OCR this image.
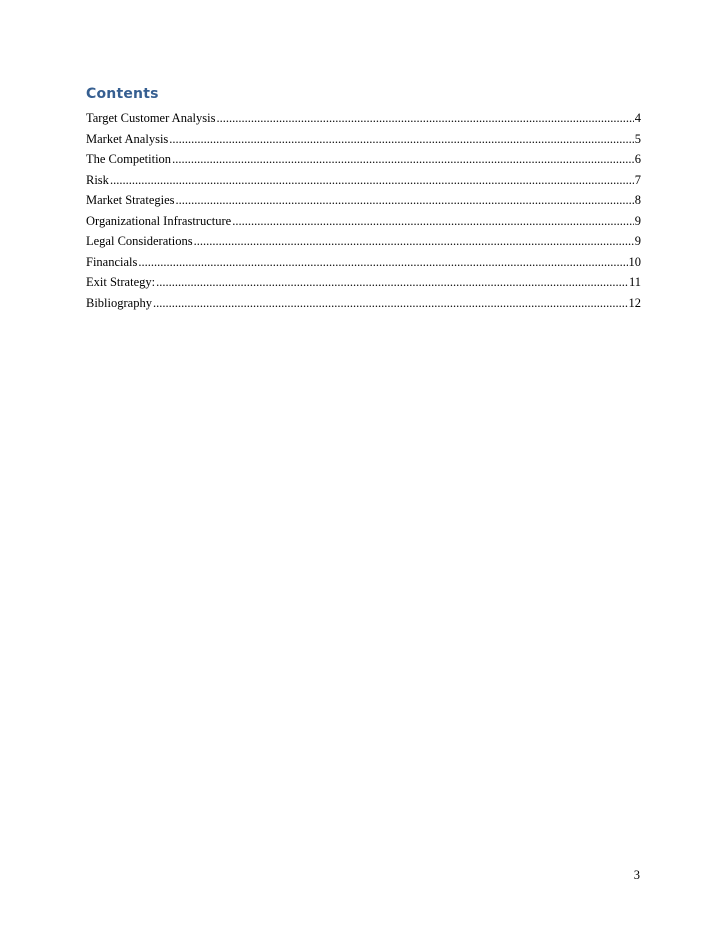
Contents
Target Customer Analysis .....	4
Market Analysis .....	5
The Competition .....	6
Risk .....	7
Market Strategies .....	8
Organizational Infrastructure .....	9
Legal Considerations .....	9
Financials .....	10
Exit Strategy: .....	11
Bibliography .....	12
3
